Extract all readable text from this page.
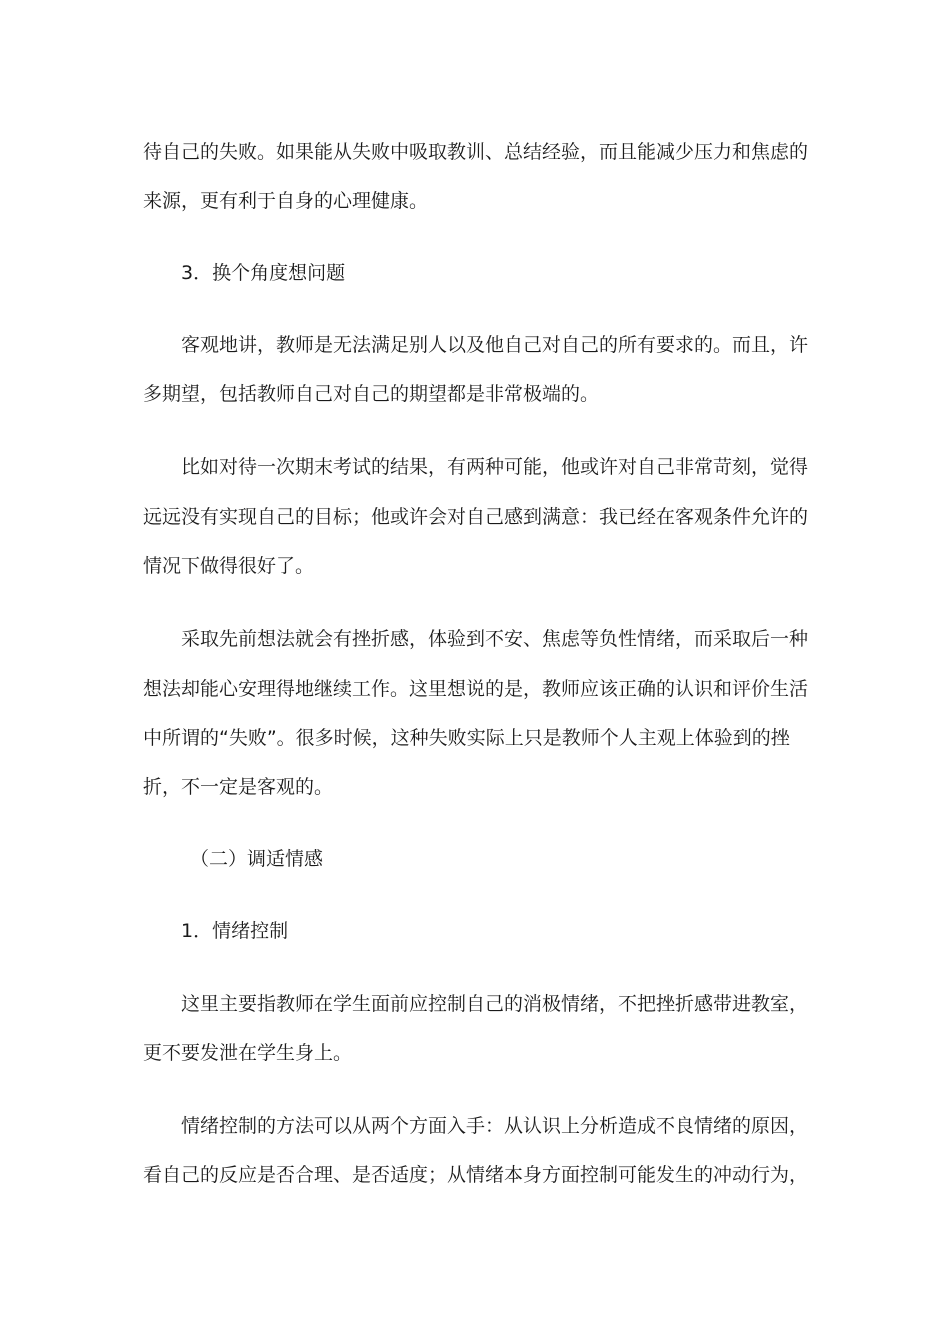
待自己的失败。如果能从失败中吸取教训、总结经验，而且能减少压力和焦虑的
来源，更有利于自身的心理健康。
3．换个角度想问题
客观地讲，教师是无法满足别人以及他自己对自己的所有要求的。而且，许
多期望，包括教师自己对自己的期望都是非常极端的。
比如对待一次期末考试的结果，有两种可能，他或许对自己非常苛刻，觉得
远远没有实现自己的目标；他或许会对自己感到满意：我已经在客观条件允许的
情况下做得很好了。
采取先前想法就会有挫折感，体验到不安、焦虑等负性情绪，而采取后一种
想法却能心安理得地继续工作。这里想说的是，教师应该正确的认识和评价生活
中所谓的“失败”。很多时候，这种失败实际上只是教师个人主观上体验到的挫
折，不一定是客观的。
（二）调适情感
1．情绪控制
这里主要指教师在学生面前应控制自己的消极情绪，不把挫折感带进教室，
更不要发泄在学生身上。
情绪控制的方法可以从两个方面入手：从认识上分析造成不良情绪的原因，
看自己的反应是否合理、是否适度；从情绪本身方面控制可能发生的冲动行为，
